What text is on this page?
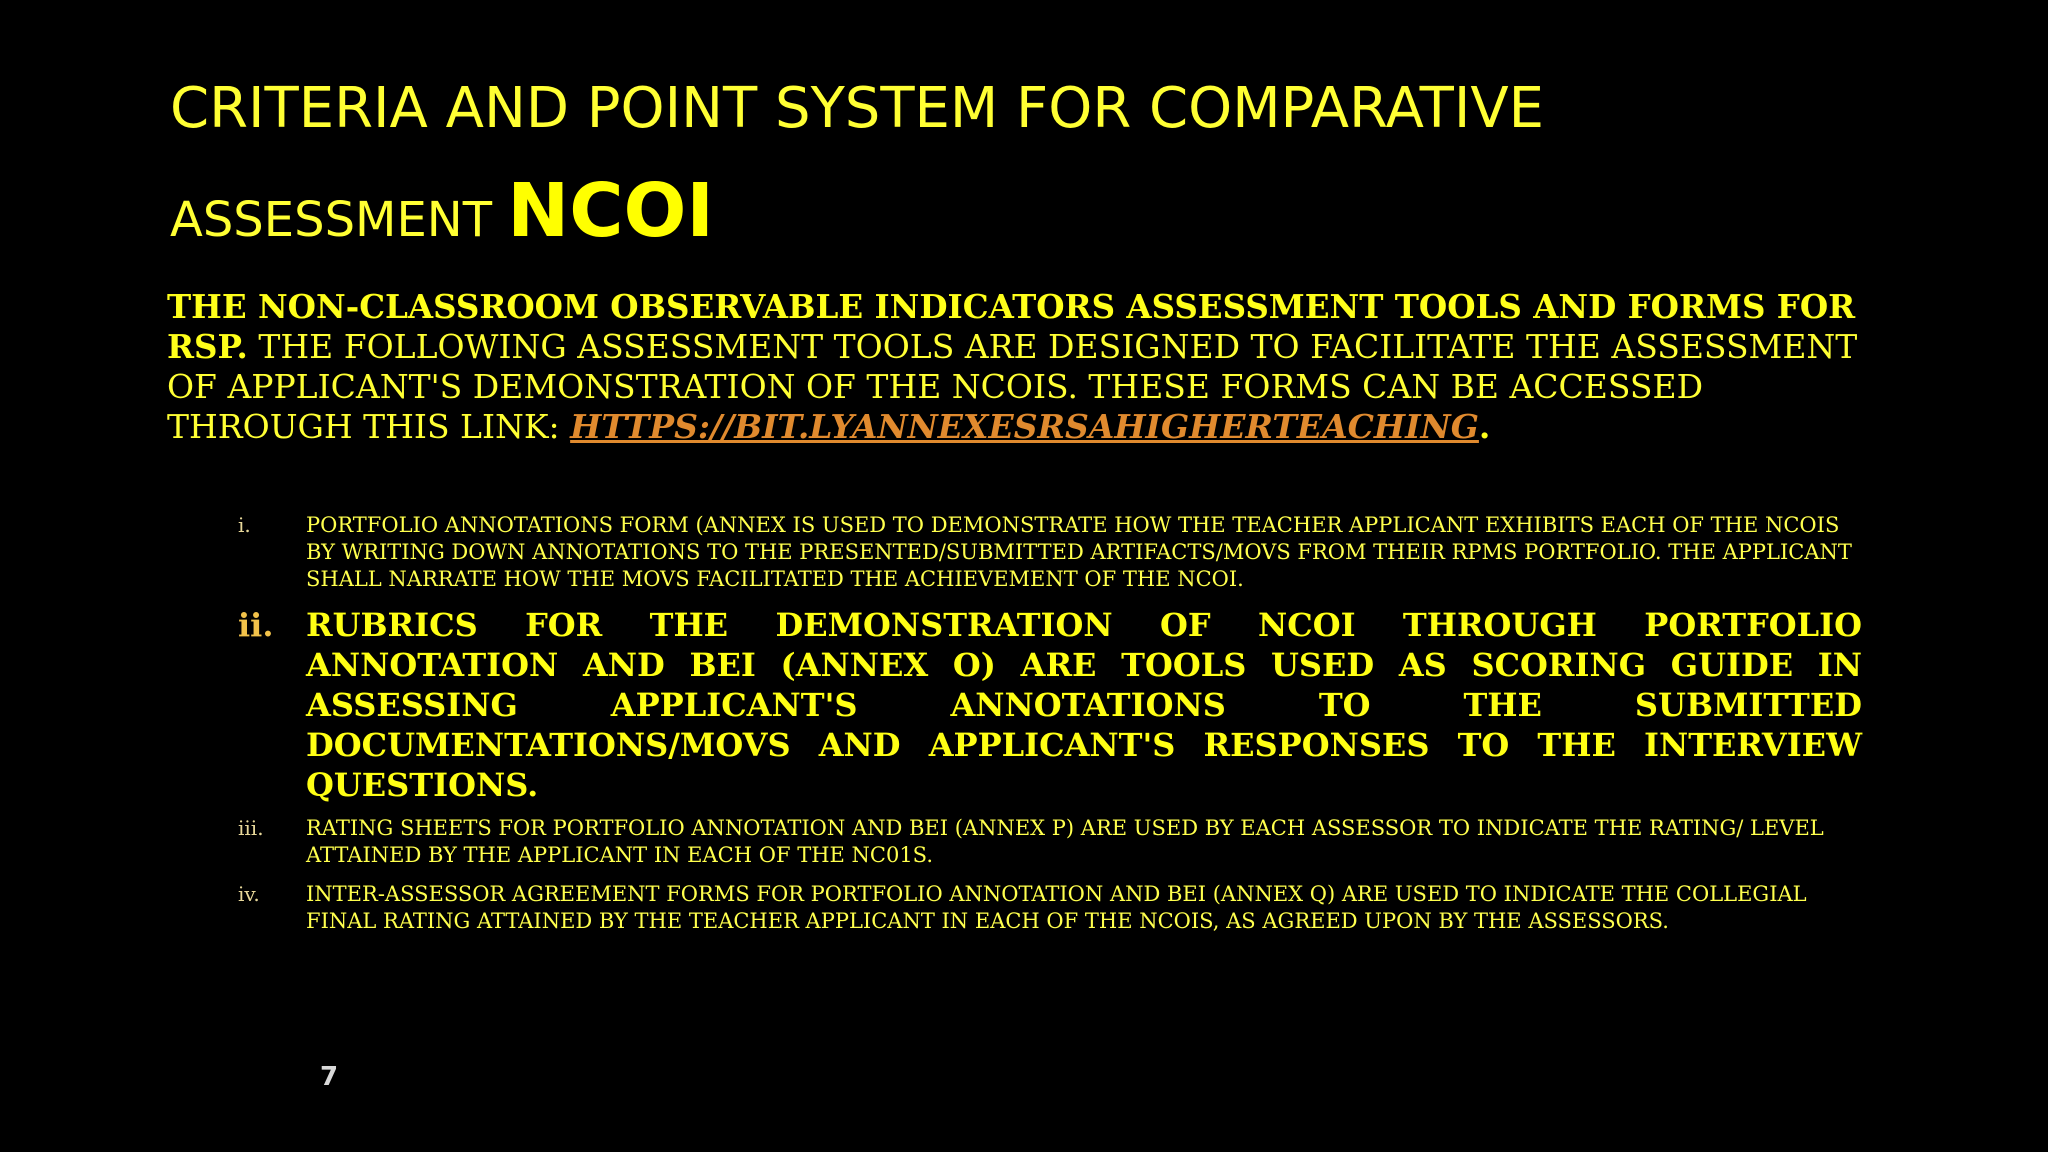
CRITERIA AND POINT SYSTEM FOR COMPARATIVE
ASSESSMENT NCOI

THE NON-CLASSROOM OBSERVABLE INDICATORS ASSESSMENT TOOLS AND FORMS FOR RSP. THE FOLLOWING ASSESSMENT TOOLS ARE DESIGNED TO FACILITATE THE ASSESSMENT OF APPLICANT'S DEMONSTRATION OF THE NCOIS. THESE FORMS CAN BE ACCESSED THROUGH THIS LINK: HTTPS://BIT.LYANNEXESRSAHIGHERTEACHING.

i.	PORTFOLIO ANNOTATIONS FORM (ANNEX IS USED TO DEMONSTRATE HOW THE TEACHER APPLICANT EXHIBITS EACH OF THE NCOIS BY WRITING DOWN ANNOTATIONS TO THE PRESENTED/SUBMITTED ARTIFACTS/MOVS FROM THEIR RPMS PORTFOLIO. THE APPLICANT SHALL NARRATE HOW THE MOVS FACILITATED THE ACHIEVEMENT OF THE NCOI.
ii.	RUBRICS FOR THE DEMONSTRATION OF NCOI THROUGH PORTFOLIO ANNOTATION AND BEI (ANNEX O) ARE TOOLS USED AS SCORING GUIDE IN ASSESSING APPLICANT'S ANNOTATIONS TO THE SUBMITTED DOCUMENTATIONS/MOVS AND APPLICANT'S RESPONSES TO THE INTERVIEW QUESTIONS.
iii.	RATING SHEETS FOR PORTFOLIO ANNOTATION AND BEI (ANNEX P) ARE USED BY EACH ASSESSOR TO INDICATE THE RATING/ LEVEL ATTAINED BY THE APPLICANT IN EACH OF THE NC01S.
iv.	INTER-ASSESSOR AGREEMENT FORMS FOR PORTFOLIO ANNOTATION AND BEI (ANNEX Q) ARE USED TO INDICATE THE COLLEGIAL FINAL RATING ATTAINED BY THE TEACHER APPLICANT IN EACH OF THE NCOIS, AS AGREED UPON BY THE ASSESSORS.

7
